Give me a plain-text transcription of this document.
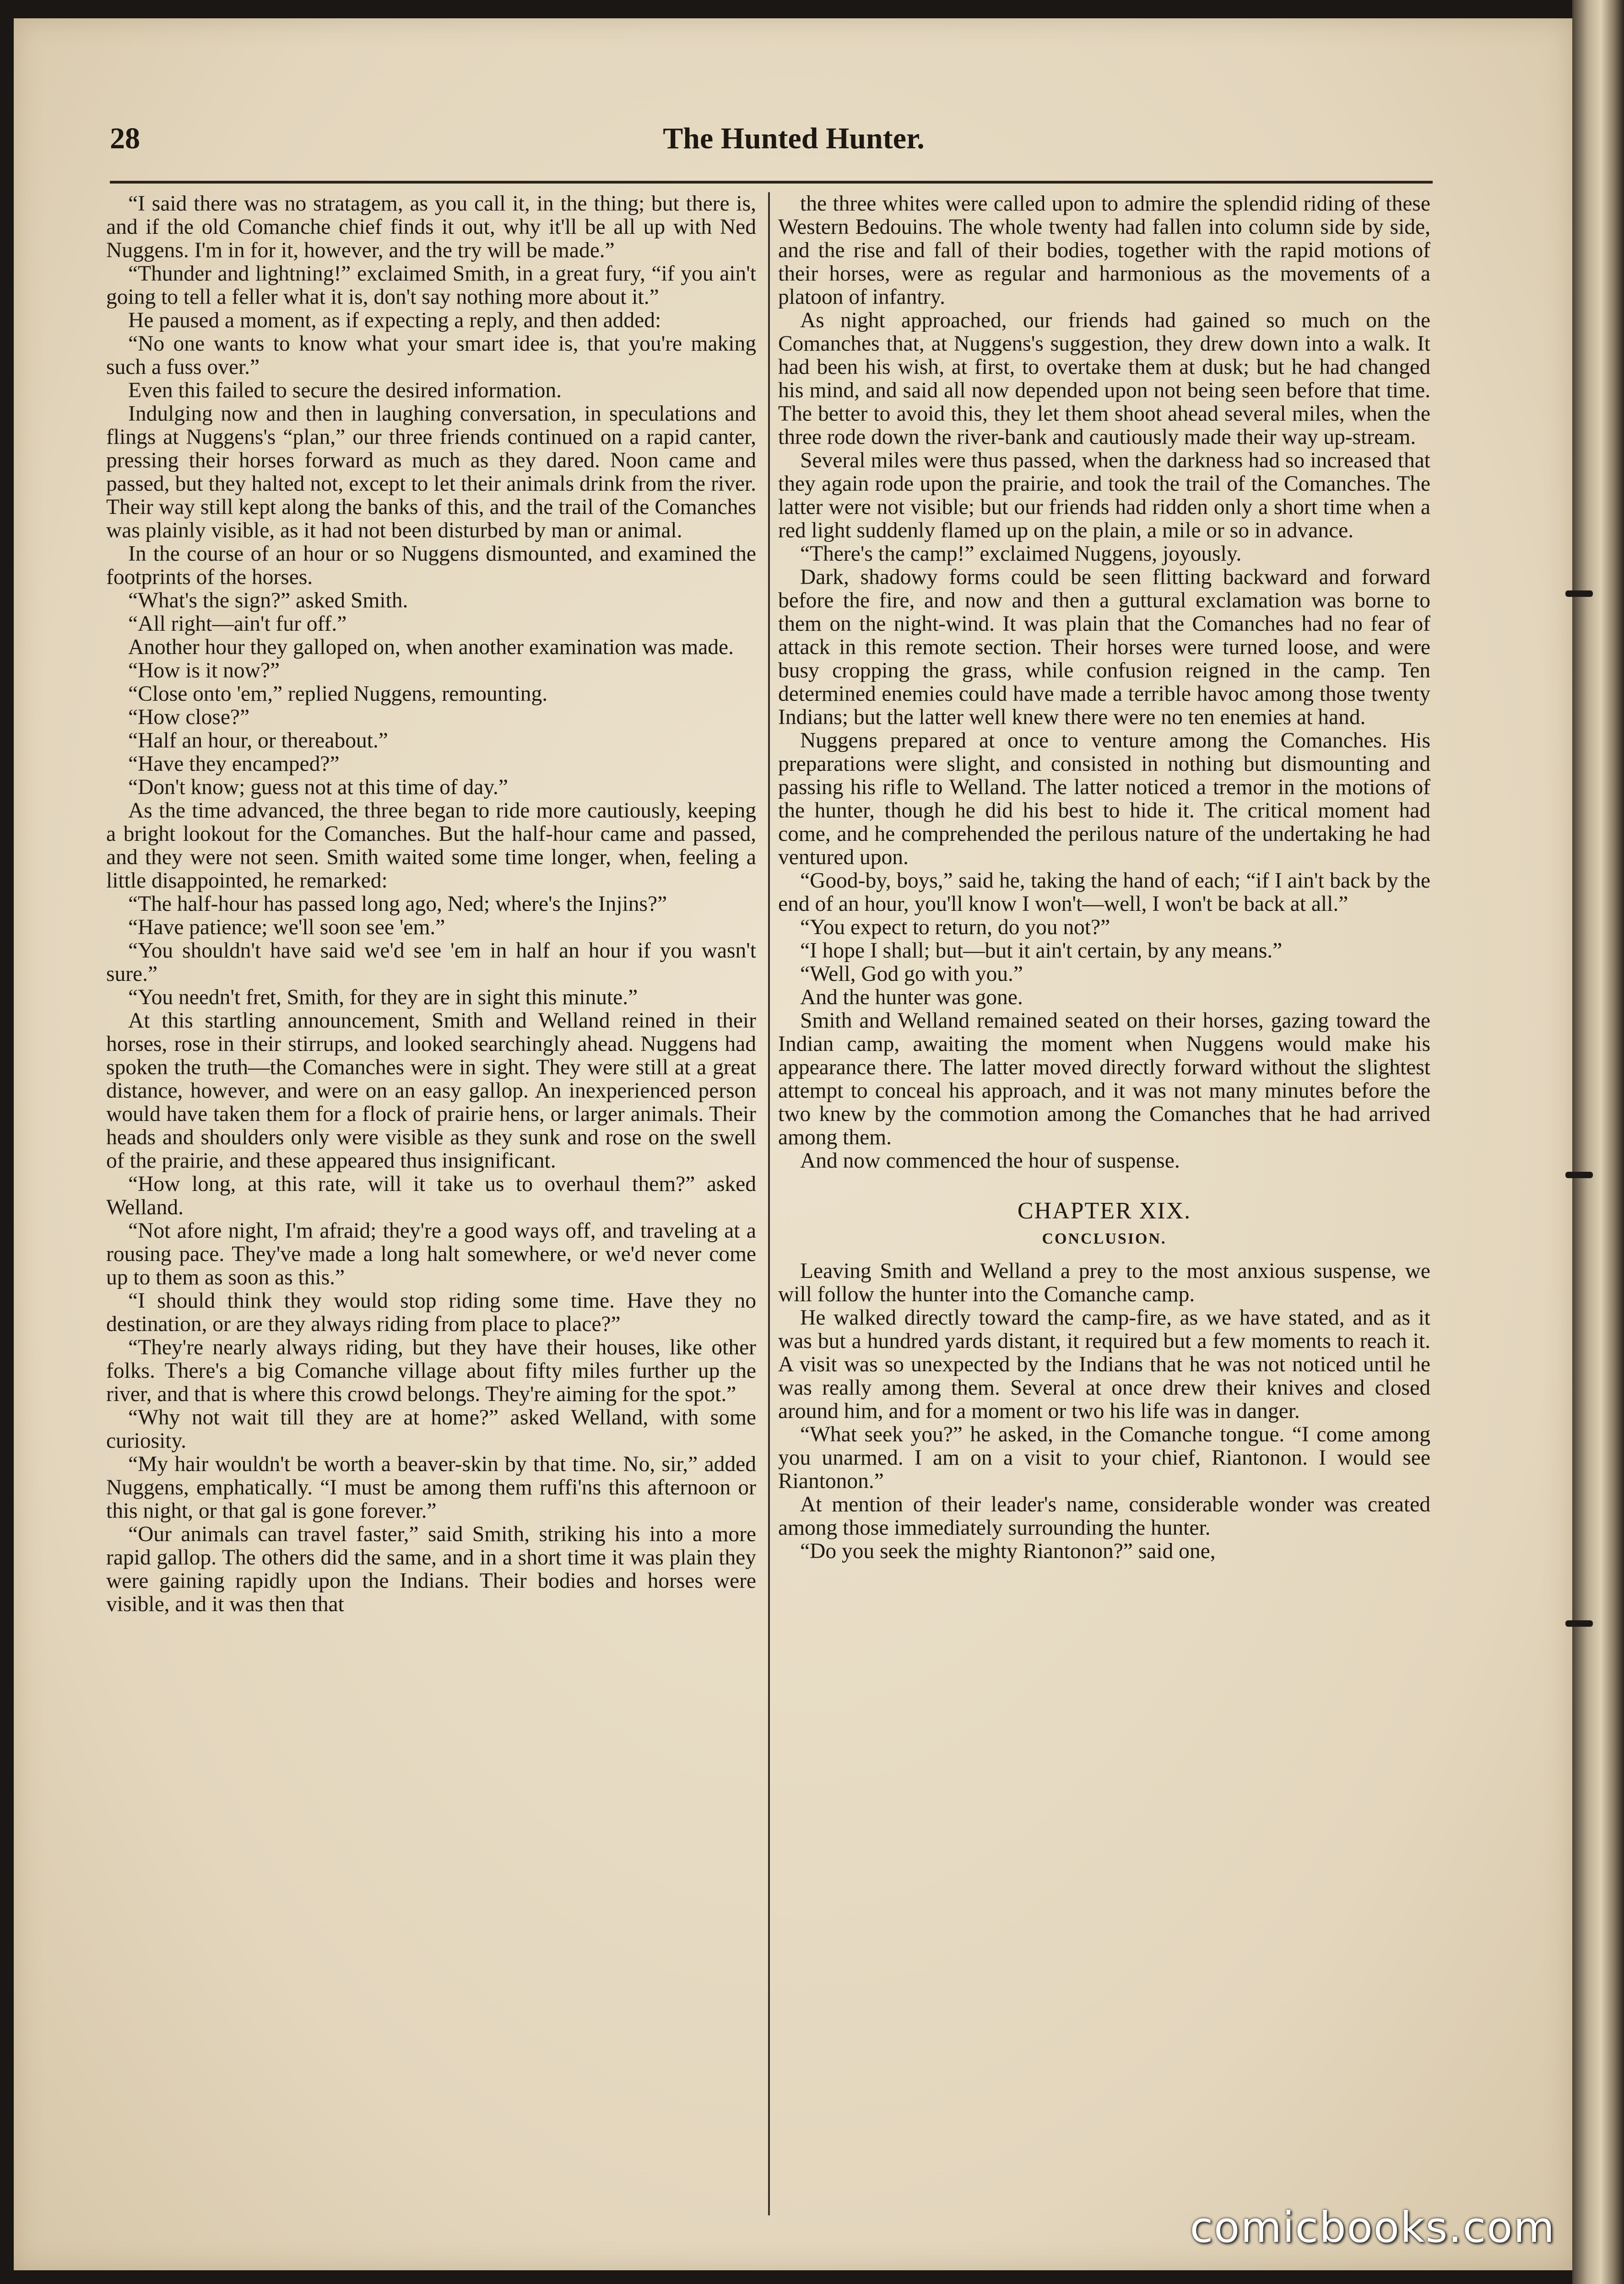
28	The Hunted Hunter.

“I said there was no stratagem, as you call it, in the thing; but there is, and if the old Comanche chief finds it out, why it'll be all up with Ned Nuggens. I'm in for it, however, and the try will be made.”

“Thunder and lightning!” exclaimed Smith, in a great fury, “if you ain't going to tell a feller what it is, don't say nothing more about it.”

He paused a moment, as if expecting a reply, and then added:

“No one wants to know what your smart idee is, that you're making such a fuss over.”

Even this failed to secure the desired information.

Indulging now and then in laughing conversation, in speculations and flings at Nuggens's “plan,” our three friends continued on a rapid canter, pressing their horses forward as much as they dared. Noon came and passed, but they halted not, except to let their animals drink from the river. Their way still kept along the banks of this, and the trail of the Comanches was plainly visible, as it had not been disturbed by man or animal.

In the course of an hour or so Nuggens dismounted, and examined the footprints of the horses.

“What's the sign?” asked Smith.

“All right—ain't fur off.”

Another hour they galloped on, when another examination was made.

“How is it now?”

“Close onto 'em,” replied Nuggens, remounting.

“How close?”

“Half an hour, or thereabout.”

“Have they encamped?”

“Don't know; guess not at this time of day.”

As the time advanced, the three began to ride more cautiously, keeping a bright lookout for the Comanches. But the half-hour came and passed, and they were not seen. Smith waited some time longer, when, feeling a little disappointed, he remarked:

“The half-hour has passed long ago, Ned; where's the Injins?”

“Have patience; we'll soon see 'em.”

“You shouldn't have said we'd see 'em in half an hour if you wasn't sure.”

“You needn't fret, Smith, for they are in sight this minute.”

At this startling announcement, Smith and Welland reined in their horses, rose in their stirrups, and looked searchingly ahead. Nuggens had spoken the truth—the Comanches were in sight. They were still at a great distance, however, and were on an easy gallop. An inexperienced person would have taken them for a flock of prairie hens, or larger animals. Their heads and shoulders only were visible as they sunk and rose on the swell of the prairie, and these appeared thus insignificant.

“How long, at this rate, will it take us to overhaul them?” asked Welland.

“Not afore night, I'm afraid; they're a good ways off, and traveling at a rousing pace. They've made a long halt somewhere, or we'd never come up to them as soon as this.”

“I should think they would stop riding some time. Have they no destination, or are they always riding from place to place?”

“They're nearly always riding, but they have their houses, like other folks. There's a big Comanche village about fifty miles further up the river, and that is where this crowd belongs. They're aiming for the spot.”

“Why not wait till they are at home?” asked Welland, with some curiosity.

“My hair wouldn't be worth a beaver-skin by that time. No, sir,” added Nuggens, emphatically. “I must be among them ruffi'ns this afternoon or this night, or that gal is gone forever.”

“Our animals can travel faster,” said Smith, striking his into a more rapid gallop. The others did the same, and in a short time it was plain they were gaining rapidly upon the Indians. Their bodies and horses were visible, and it was then that

the three whites were called upon to admire the splendid riding of these Western Bedouins. The whole twenty had fallen into column side by side, and the rise and fall of their bodies, together with the rapid motions of their horses, were as regular and harmonious as the movements of a platoon of infantry.

As night approached, our friends had gained so much on the Comanches that, at Nuggens's suggestion, they drew down into a walk. It had been his wish, at first, to overtake them at dusk; but he had changed his mind, and said all now depended upon not being seen before that time. The better to avoid this, they let them shoot ahead several miles, when the three rode down the river-bank and cautiously made their way up-stream.

Several miles were thus passed, when the darkness had so increased that they again rode upon the prairie, and took the trail of the Comanches. The latter were not visible; but our friends had ridden only a short time when a red light suddenly flamed up on the plain, a mile or so in advance.

“There's the camp!” exclaimed Nuggens, joyously.

Dark, shadowy forms could be seen flitting backward and forward before the fire, and now and then a guttural exclamation was borne to them on the night-wind. It was plain that the Comanches had no fear of attack in this remote section. Their horses were turned loose, and were busy cropping the grass, while confusion reigned in the camp. Ten determined enemies could have made a terrible havoc among those twenty Indians; but the latter well knew there were no ten enemies at hand.

Nuggens prepared at once to venture among the Comanches. His preparations were slight, and consisted in nothing but dismounting and passing his rifle to Welland. The latter noticed a tremor in the motions of the hunter, though he did his best to hide it. The critical moment had come, and he comprehended the perilous nature of the undertaking he had ventured upon.

“Good-by, boys,” said he, taking the hand of each; “if I ain't back by the end of an hour, you'll know I won't—well, I won't be back at all.”

“You expect to return, do you not?”

“I hope I shall; but—but it ain't certain, by any means.”

“Well, God go with you.”

And the hunter was gone.

Smith and Welland remained seated on their horses, gazing toward the Indian camp, awaiting the moment when Nuggens would make his appearance there. The latter moved directly forward without the slightest attempt to conceal his approach, and it was not many minutes before the two knew by the commotion among the Comanches that he had arrived among them.

And now commenced the hour of suspense.

CHAPTER XIX.
CONCLUSION.

Leaving Smith and Welland a prey to the most anxious suspense, we will follow the hunter into the Comanche camp.

He walked directly toward the camp-fire, as we have stated, and as it was but a hundred yards distant, it required but a few moments to reach it. A visit was so unexpected by the Indians that he was not noticed until he was really among them. Several at once drew their knives and closed around him, and for a moment or two his life was in danger.

“What seek you?” he asked, in the Comanche tongue. “I come among you unarmed. I am on a visit to your chief, Riantonon. I would see Riantonon.”

At mention of their leader's name, considerable wonder was created among those immediately surrounding the hunter.

“Do you seek the mighty Riantonon?” said one,

comicbooks.com
